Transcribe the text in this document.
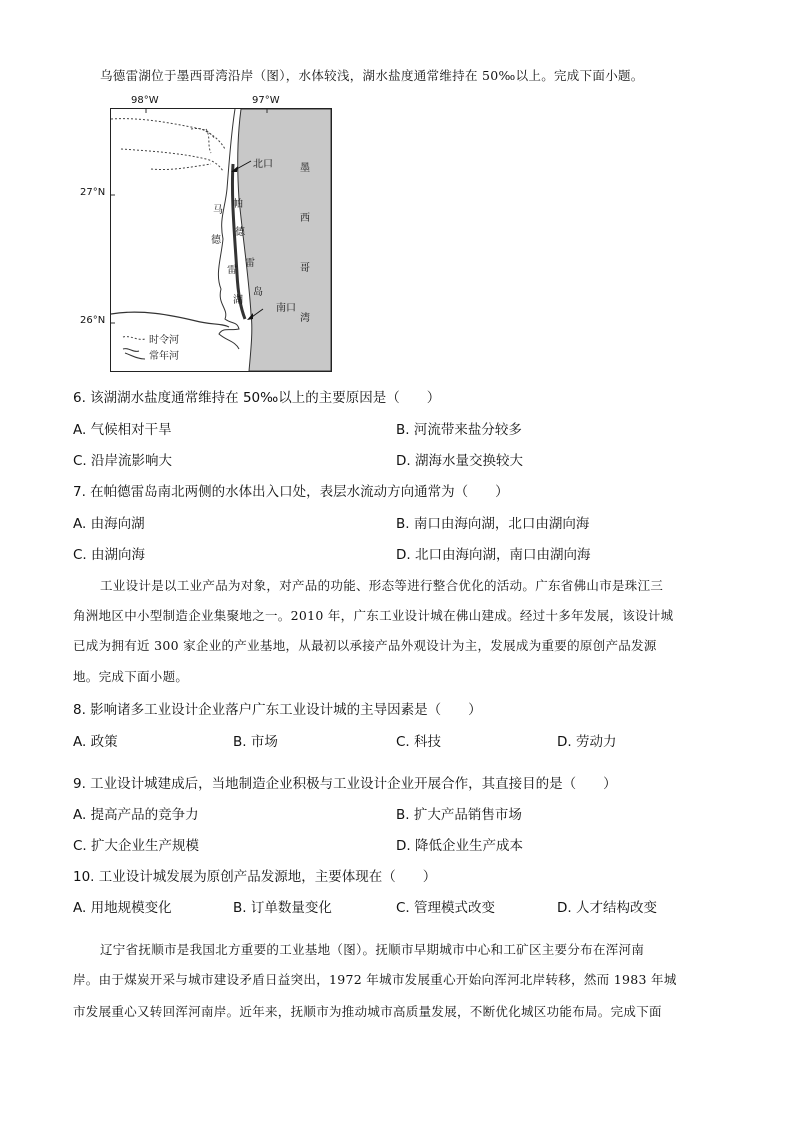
乌德雷湖位于墨西哥湾沿岸（图），水体较浅，湖水盐度通常维持在 50‰以上。完成下面小题。
98°W	97°W
27°N
26°N
北口
南口
墨
西
哥
湾
帕
德
雷
岛
马
德
雷
湖
时令河
常年河
6. 该湖湖水盐度通常维持在 50‰以上的主要原因是（　　）
A. 气候相对干旱	B. 河流带来盐分较多
C. 沿岸流影响大	D. 湖海水量交换较大
7. 在帕德雷岛南北两侧的水体出入口处，表层水流动方向通常为（　　）
A. 由海向湖	B. 南口由海向湖，北口由湖向海
C. 由湖向海	D. 北口由海向湖，南口由湖向海
工业设计是以工业产品为对象，对产品的功能、形态等进行整合优化的活动。广东省佛山市是珠江三
角洲地区中小型制造企业集聚地之一。2010 年，广东工业设计城在佛山建成。经过十多年发展，该设计城
已成为拥有近 300 家企业的产业基地，从最初以承接产品外观设计为主，发展成为重要的原创产品发源
地。完成下面小题。
8. 影响诸多工业设计企业落户广东工业设计城的主导因素是（　　）
A. 政策	B. 市场	C. 科技	D. 劳动力
9. 工业设计城建成后，当地制造企业积极与工业设计企业开展合作，其直接目的是（　　）
A. 提高产品的竞争力	B. 扩大产品销售市场
C. 扩大企业生产规模	D. 降低企业生产成本
10. 工业设计城发展为原创产品发源地，主要体现在（　　）
A. 用地规模变化	B. 订单数量变化	C. 管理模式改变	D. 人才结构改变
辽宁省抚顺市是我国北方重要的工业基地（图）。抚顺市早期城市中心和工矿区主要分布在浑河南
岸。由于煤炭开采与城市建设矛盾日益突出，1972 年城市发展重心开始向浑河北岸转移，然而 1983 年城
市发展重心又转回浑河南岸。近年来，抚顺市为推动城市高质量发展，不断优化城区功能布局。完成下面
